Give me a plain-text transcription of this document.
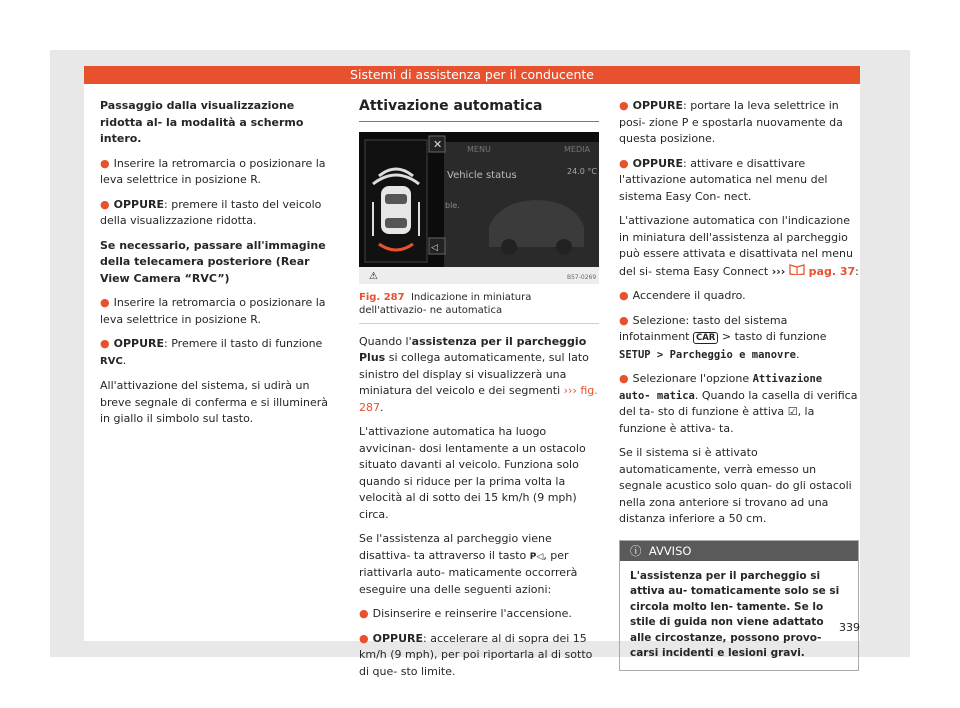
Sistemi di assistenza per il conducente

Passaggio dalla visualizzazione ridotta al- la modalità a schermo intero.

● Inserire la retromarcia o posizionare la leva selettrice in posizione R.

● OPPURE: premere il tasto del veicolo della visualizzazione ridotta.

Se necessario, passare all'immagine della telecamera posteriore (Rear View Camera “RVC”)

● Inserire la retromarcia o posizionare la leva selettrice in posizione R.

● OPPURE: Premere il tasto di funzione RVC.

All'attivazione del sistema, si udirà un breve segnale di conferma e si illuminerà in giallo il simbolo sul tasto.

Attivazione automatica
MENU	MEDIA
Vehicle status	24.0 °C
ble.
✕
◁
⚠	B57-0269
Fig. 287 Indicazione in miniatura dell'attivazio- ne automatica

Quando l'assistenza per il parcheggio Plus si collega automaticamente, sul lato sinistro del display si visualizzerà una miniatura del veicolo e dei segmenti ››› fig. 287.

L'attivazione automatica ha luogo avvicinan- dosi lentamente a un ostacolo situato davanti al veicolo. Funziona solo quando si riduce per la prima volta la velocità al di sotto dei 15 km/h (9 mph) circa.

Se l'assistenza al parcheggio viene disattiva- ta attraverso il tasto P◁, per riattivarla auto- maticamente occorrerà eseguire una delle seguenti azioni:

● Disinserire e reinserire l'accensione.

● OPPURE: accelerare al di sopra dei 15 km/h (9 mph), per poi riportarla al di sotto di que- sto limite.

● OPPURE: portare la leva selettrice in posi- zione P e spostarla nuovamente da questa posizione.

● OPPURE: attivare e disattivare l'attivazione automatica nel menu del sistema Easy Con- nect.

L'attivazione automatica con l'indicazione in miniatura dell'assistenza al parcheggio può essere attivata e disattivata nel menu del si- stema Easy Connect ›››  pag. 37:

● Accendere il quadro.

● Selezione: tasto del sistema infotainment CAR > tasto di funzione SETUP > Parcheggio e manovre.

● Selezionare l'opzione Attivazione auto- matica. Quando la casella di verifica del ta- sto di funzione è attiva ☑, la funzione è attiva- ta.

Se il sistema si è attivato automaticamente, verrà emesso un segnale acustico solo quan- do gli ostacoli nella zona anteriore si trovano ad una distanza inferiore a 50 cm.

ⓘ AVVISO
L'assistenza per il parcheggio si attiva au- tomaticamente solo se si circola molto len- tamente. Se lo stile di guida non viene adattato alle circostanze, possono provo- carsi incidenti e lesioni gravi.
339
